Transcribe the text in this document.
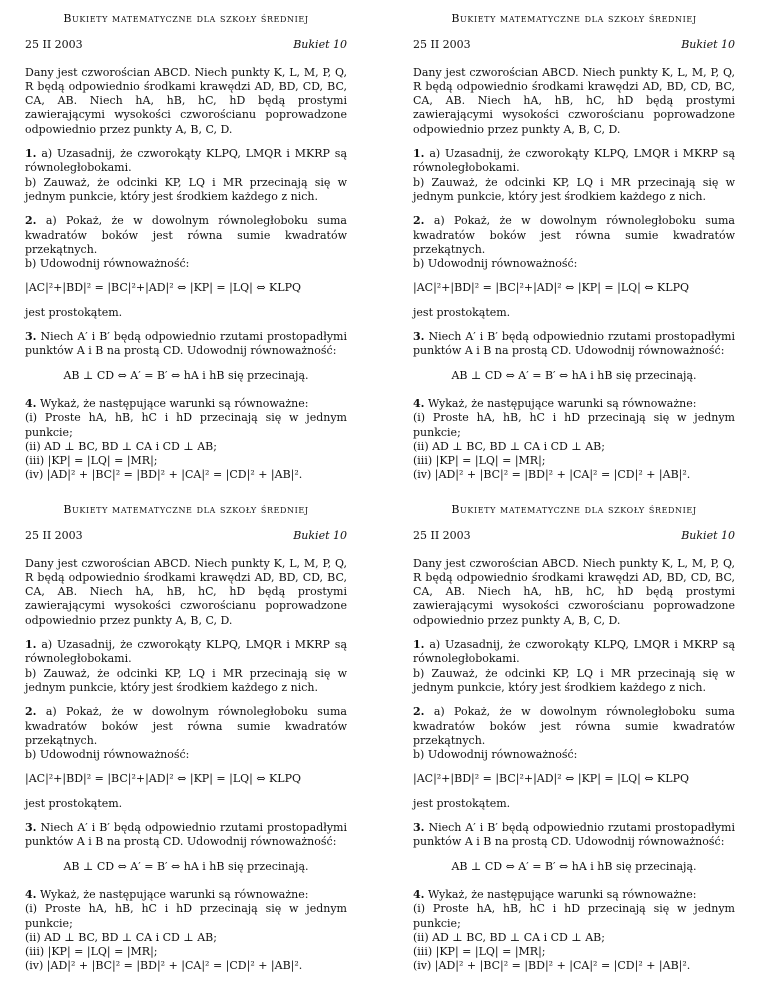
Bukiety matematyczne dla szkoły średniej
25 II 2003	Bukiet 10
Dany jest czworościan ABCD. Niech punkty K, L, M, P, Q, R będą odpowiednio środkami krawędzi AD, BD, CD, BC, CA, AB. Niech hA, hB, hC, hD będą prostymi zawierającymi wysokości czworościanu poprowadzone odpowiednio przez punkty A, B, C, D.
1. a) Uzasadnij, że czworokąty KLPQ, LMQR i MKRP są równoległobokami.
b) Zauważ, że odcinki KP, LQ i MR przecinają się w jednym punkcie, który jest środkiem każdego z nich.
2. a) Pokaż, że w dowolnym równoległoboku suma kwadratów boków jest równa sumie kwadratów przekątnych.
b) Udowodnij równoważność:
|AC|²+|BD|² = |BC|²+|AD|² ⇔ |KP| = |LQ| ⇔ KLPQ
jest prostokątem.
3. Niech A′ i B′ będą odpowiednio rzutami prostopadłymi punktów A i B na prostą CD. Udowodnij równoważność:
AB ⊥ CD ⇔ A′ = B′ ⇔ hA i hB się przecinają.
4. Wykaż, że następujące warunki są równoważne:
(i) Proste hA, hB, hC i hD przecinają się w jednym punkcie;
(ii) AD ⊥ BC, BD ⊥ CA i CD ⊥ AB;
(iii) |KP| = |LQ| = |MR|;
(iv) |AD|² + |BC|² = |BD|² + |CA|² = |CD|² + |AB|².
Bukiety matematyczne dla szkoły średniej
25 II 2003	Bukiet 10
Dany jest czworościan ABCD. Niech punkty K, L, M, P, Q, R będą odpowiednio środkami krawędzi AD, BD, CD, BC, CA, AB. Niech hA, hB, hC, hD będą prostymi zawierającymi wysokości czworościanu poprowadzone odpowiednio przez punkty A, B, C, D.
1. a) Uzasadnij, że czworokąty KLPQ, LMQR i MKRP są równoległobokami.
b) Zauważ, że odcinki KP, LQ i MR przecinają się w jednym punkcie, który jest środkiem każdego z nich.
2. a) Pokaż, że w dowolnym równoległoboku suma kwadratów boków jest równa sumie kwadratów przekątnych.
b) Udowodnij równoważność:
|AC|²+|BD|² = |BC|²+|AD|² ⇔ |KP| = |LQ| ⇔ KLPQ
jest prostokątem.
3. Niech A′ i B′ będą odpowiednio rzutami prostopadłymi punktów A i B na prostą CD. Udowodnij równoważność:
AB ⊥ CD ⇔ A′ = B′ ⇔ hA i hB się przecinają.
4. Wykaż, że następujące warunki są równoważne:
(i) Proste hA, hB, hC i hD przecinają się w jednym punkcie;
(ii) AD ⊥ BC, BD ⊥ CA i CD ⊥ AB;
(iii) |KP| = |LQ| = |MR|;
(iv) |AD|² + |BC|² = |BD|² + |CA|² = |CD|² + |AB|².
Bukiety matematyczne dla szkoły średniej
25 II 2003	Bukiet 10
Dany jest czworościan ABCD. Niech punkty K, L, M, P, Q, R będą odpowiednio środkami krawędzi AD, BD, CD, BC, CA, AB. Niech hA, hB, hC, hD będą prostymi zawierającymi wysokości czworościanu poprowadzone odpowiednio przez punkty A, B, C, D.
1. a) Uzasadnij, że czworokąty KLPQ, LMQR i MKRP są równoległobokami.
b) Zauważ, że odcinki KP, LQ i MR przecinają się w jednym punkcie, który jest środkiem każdego z nich.
2. a) Pokaż, że w dowolnym równoległoboku suma kwadratów boków jest równa sumie kwadratów przekątnych.
b) Udowodnij równoważność:
|AC|²+|BD|² = |BC|²+|AD|² ⇔ |KP| = |LQ| ⇔ KLPQ
jest prostokątem.
3. Niech A′ i B′ będą odpowiednio rzutami prostopadłymi punktów A i B na prostą CD. Udowodnij równoważność:
AB ⊥ CD ⇔ A′ = B′ ⇔ hA i hB się przecinają.
4. Wykaż, że następujące warunki są równoważne:
(i) Proste hA, hB, hC i hD przecinają się w jednym punkcie;
(ii) AD ⊥ BC, BD ⊥ CA i CD ⊥ AB;
(iii) |KP| = |LQ| = |MR|;
(iv) |AD|² + |BC|² = |BD|² + |CA|² = |CD|² + |AB|².
Bukiety matematyczne dla szkoły średniej
25 II 2003	Bukiet 10
Dany jest czworościan ABCD. Niech punkty K, L, M, P, Q, R będą odpowiednio środkami krawędzi AD, BD, CD, BC, CA, AB. Niech hA, hB, hC, hD będą prostymi zawierającymi wysokości czworościanu poprowadzone odpowiednio przez punkty A, B, C, D.
1. a) Uzasadnij, że czworokąty KLPQ, LMQR i MKRP są równoległobokami.
b) Zauważ, że odcinki KP, LQ i MR przecinają się w jednym punkcie, który jest środkiem każdego z nich.
2. a) Pokaż, że w dowolnym równoległoboku suma kwadratów boków jest równa sumie kwadratów przekątnych.
b) Udowodnij równoważność:
|AC|²+|BD|² = |BC|²+|AD|² ⇔ |KP| = |LQ| ⇔ KLPQ
jest prostokątem.
3. Niech A′ i B′ będą odpowiednio rzutami prostopadłymi punktów A i B na prostą CD. Udowodnij równoważność:
AB ⊥ CD ⇔ A′ = B′ ⇔ hA i hB się przecinają.
4. Wykaż, że następujące warunki są równoważne:
(i) Proste hA, hB, hC i hD przecinają się w jednym punkcie;
(ii) AD ⊥ BC, BD ⊥ CA i CD ⊥ AB;
(iii) |KP| = |LQ| = |MR|;
(iv) |AD|² + |BC|² = |BD|² + |CA|² = |CD|² + |AB|².
